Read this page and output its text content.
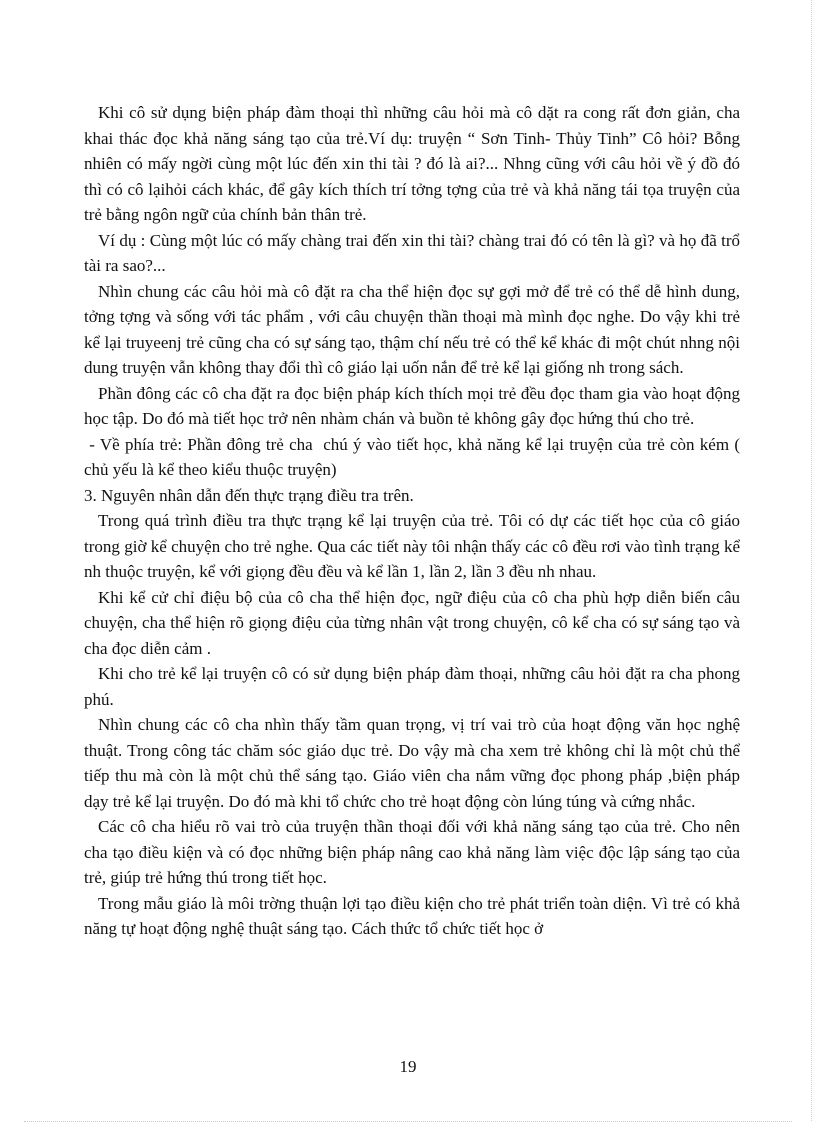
Khi cô sử dụng biện pháp đàm thoại thì những câu hỏi mà cô dặt ra cong rất đơn giản, cha khai thác đọc khả năng sáng tạo của trẻ.Ví dụ: truyện “ Sơn Tinh- Thủy Tinh” Cô hỏi? Bỗng nhiên có mấy ngời cùng một lúc đến xin thi tài ? đó là ai?... Nhng cũng với câu hỏi về ý đồ đó thì có cô lạihỏi cách khác, để gây kích thích trí tởng tợng của trẻ và khả năng tái tọa truyện của trẻ bằng ngôn ngữ của chính bản thân trẻ.

Ví dụ : Cùng một lúc có mấy chàng trai đến xin thi tài? chàng trai đó có tên là gì? và họ đã trổ tài ra sao?...

Nhìn chung các câu hỏi mà cô đặt ra cha thể hiện đọc sự gợi mở để trẻ có thể dễ hình dung, tởng tợng và sống với tác phẩm , với câu chuyện thần thoại mà mình đọc nghe. Do vậy khi trẻ kể lại truyeenj trẻ cũng cha có sự sáng tạo, thậm chí nếu trẻ có thể kể khác đi một chút nhng nội dung truyện vẫn không thay đổi thì cô giáo lại uốn nắn để trẻ kể lại giống nh trong sách.

Phần đông các cô cha đặt ra đọc biện pháp kích thích mọi trẻ đều đọc tham gia vào hoạt động học tập. Do đó mà tiết học trở nên nhàm chán và buồn tẻ không gây đọc hứng thú cho trẻ.

- Về phía trẻ: Phần đông trẻ cha  chú ý vào tiết học, khả năng kể lại truyện của trẻ còn kém ( chủ yếu là kể theo kiểu thuộc truyện)

3. Nguyên nhân dẫn đến thực trạng điều tra trên.

Trong quá trình điều tra thực trạng kể lại truyện của trẻ. Tôi có dự các tiết học của cô giáo trong giờ kể chuyện cho trẻ nghe. Qua các tiết này tôi nhận thấy các cô đều rơi vào tình trạng kể nh thuộc truyện, kể với giọng đều đều và kể lần 1, lần 2, lần 3 đều nh nhau.

Khi kể cử chỉ điệu bộ của cô cha thể hiện đọc, ngữ điệu của cô cha phù hợp diễn biến câu chuyện, cha thể hiện rõ giọng điệu của từng nhân vật trong chuyện, cô kể cha có sự sáng tạo và cha đọc diễn cảm .

Khi cho trẻ kể lại truyện cô có sử dụng biện pháp đàm thoại, những câu hỏi đặt ra cha phong phú.

Nhìn chung các cô cha nhìn thấy tầm quan trọng, vị trí vai trò của hoạt động văn học nghệ thuật. Trong công tác chăm sóc giáo dục trẻ. Do vậy mà cha xem trẻ không chỉ là một chủ thể tiếp thu mà còn là một chủ thể sáng tạo. Giáo viên cha nắm vững đọc phong pháp ,biện pháp dạy trẻ kể lại truyện. Do đó mà khi tổ chức cho trẻ hoạt động còn lúng túng và cứng nhắc.

Các cô cha hiểu rõ vai trò của truyện thần thoại đối với khả năng sáng tạo của trẻ. Cho nên cha tạo điều kiện và có đọc những biện pháp nâng cao khả năng làm việc độc lập sáng tạo của trẻ, giúp trẻ hứng thú trong tiết học.

Trong mẫu giáo là môi trờng thuận lợi tạo điều kiện cho trẻ phát triển toàn diện. Vì trẻ có khả năng tự hoạt động nghệ thuật sáng tạo. Cách thức tổ chức tiết học ở

19
